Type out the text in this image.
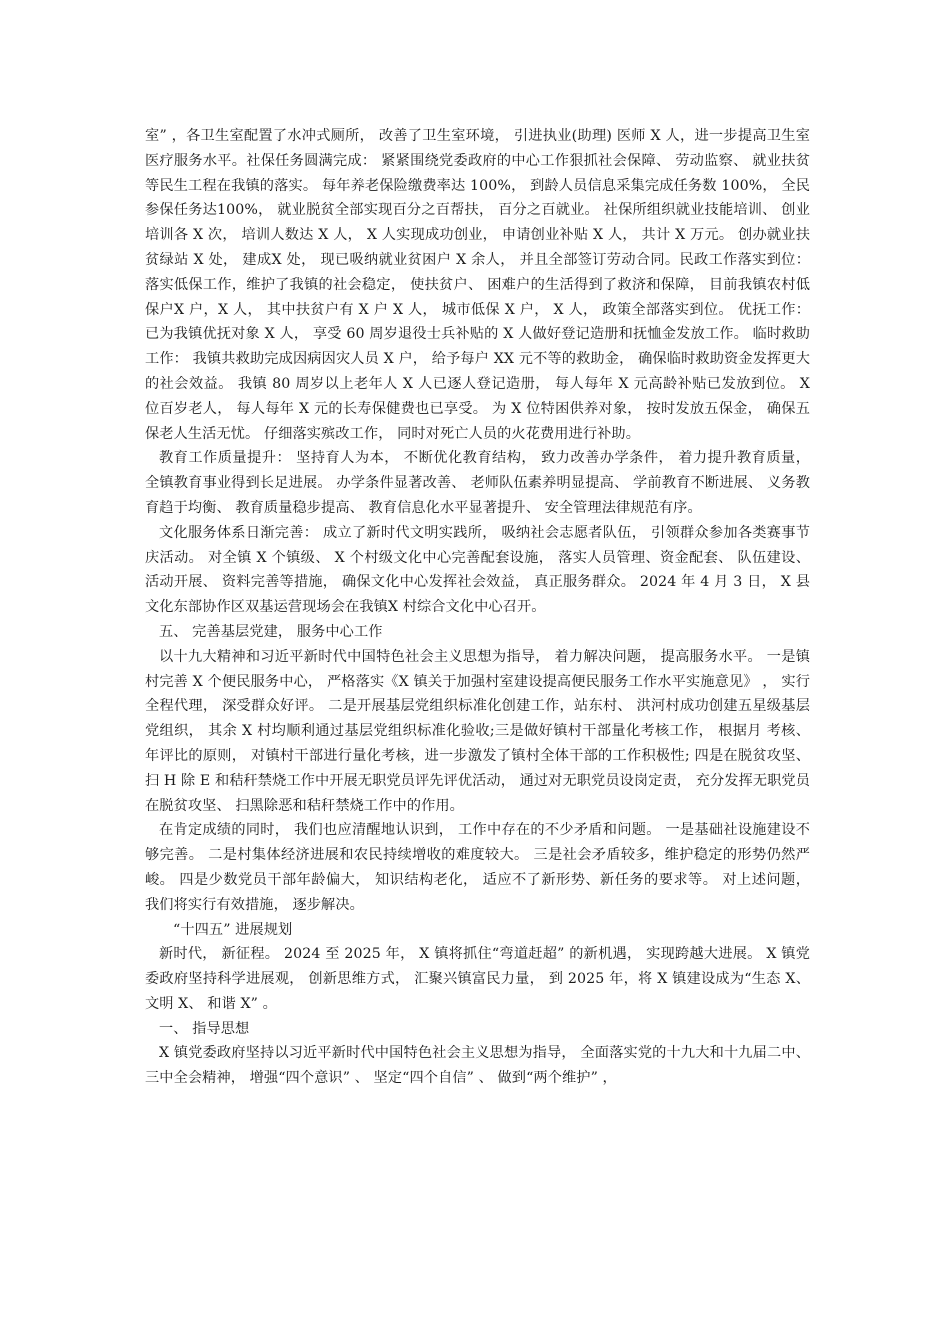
室” ，各卫生室配置了水冲式厕所， 改善了卫生室环境， 引进执业(助理) 医师 X 人，进一步提高卫生室医疗服务水平。社保任务圆满完成： 紧紧围绕党委政府的中心工作狠抓社会保障、 劳动监察、 就业扶贫等民生工程在我镇的落实。 每年养老保险缴费率达 100%， 到龄人员信息采集完成任务数 100%， 全民参保任务达100%， 就业脱贫全部实现百分之百帮扶， 百分之百就业。 社保所组织就业技能培训、 创业培训各 X 次， 培训人数达 X 人， X 人实现成功创业， 申请创业补贴 X 人， 共计 X 万元。 创办就业扶贫绿站 X 处， 建成X 处， 现已吸纳就业贫困户 X 余人， 并且全部签订劳动合同。民政工作落实到位： 落实低保工作，维护了我镇的社会稳定， 使扶贫户、 困难户的生活得到了救济和保障， 目前我镇农村低保户X 户，X 人， 其中扶贫户有 X 户 X 人， 城市低保 X 户， X 人， 政策全部落实到位。 优抚工作： 已为我镇优抚对象 X 人， 享受 60 周岁退役士兵补贴的 X 人做好登记造册和抚恤金发放工作。 临时救助工作： 我镇共救助完成因病因灾人员 X 户， 给予每户 XX 元不等的救助金， 确保临时救助资金发挥更大的社会效益。 我镇 80 周岁以上老年人 X 人已逐人登记造册， 每人每年 X 元高龄补贴已发放到位。 X 位百岁老人， 每人每年 X 元的长寿保健费也已享受。 为 X 位特困供养对象， 按时发放五保金， 确保五保老人生活无忧。 仔细落实殡改工作， 同时对死亡人员的火花费用进行补助。

教育工作质量提升： 坚持育人为本， 不断优化教育结构， 致力改善办学条件， 着力提升教育质量， 全镇教育事业得到长足进展。 办学条件显著改善、 老师队伍素养明显提高、 学前教育不断进展、 义务教育趋于均衡、 教育质量稳步提高、 教育信息化水平显著提升、 安全管理法律规范有序。

文化服务体系日渐完善： 成立了新时代文明实践所， 吸纳社会志愿者队伍， 引领群众参加各类赛事节庆活动。 对全镇 X 个镇级、 X 个村级文化中心完善配套设施， 落实人员管理、资金配套、 队伍建设、活动开展、 资料完善等措施， 确保文化中心发挥社会效益， 真正服务群众。 2024 年 4 月 3 日， X 县文化东部协作区双基运营现场会在我镇X 村综合文化中心召开。

五、 完善基层党建， 服务中心工作

以十九大精神和习近平新时代中国特色社会主义思想为指导， 着力解决问题， 提高服务水平。 一是镇村完善 X 个便民服务中心， 严格落实《X 镇关于加强村室建设提高便民服务工作水平实施意见》 ， 实行全程代理， 深受群众好评。 二是开展基层党组织标准化创建工作，站东村、 洪河村成功创建五星级基层党组织， 其余 X 村均顺利通过基层党组织标准化验收;三是做好镇村干部量化考核工作， 根据月 考核、年评比的原则， 对镇村干部进行量化考核，进一步激发了镇村全体干部的工作积极性; 四是在脱贫攻坚、 扫 H 除 E 和秸秆禁烧工作中开展无职党员评先评优活动， 通过对无职党员设岗定责， 充分发挥无职党员在脱贫攻坚、 扫黑除恶和秸秆禁烧工作中的作用。

在肯定成绩的同时， 我们也应清醒地认识到， 工作中存在的不少矛盾和问题。 一是基础社设施建设不够完善。 二是村集体经济进展和农民持续增收的难度较大。 三是社会矛盾较多，维护稳定的形势仍然严峻。 四是少数党员干部年龄偏大， 知识结构老化， 适应不了新形势、新任务的要求等。 对上述问题， 我们将实行有效措施， 逐步解决。

“十四五” 进展规划

新时代， 新征程。 2024 至 2025 年， X 镇将抓住“弯道赶超” 的新机遇， 实现跨越大进展。 X 镇党委政府坚持科学进展观， 创新思维方式， 汇聚兴镇富民力量， 到 2025 年，将 X 镇建设成为“生态 X、文明 X、 和谐 X” 。

一、 指导思想

X 镇党委政府坚持以习近平新时代中国特色社会主义思想为指导， 全面落实党的十九大和十九届二中、 三中全会精神， 增强“四个意识” 、 坚定“四个自信” 、 做到“两个维护” ，
